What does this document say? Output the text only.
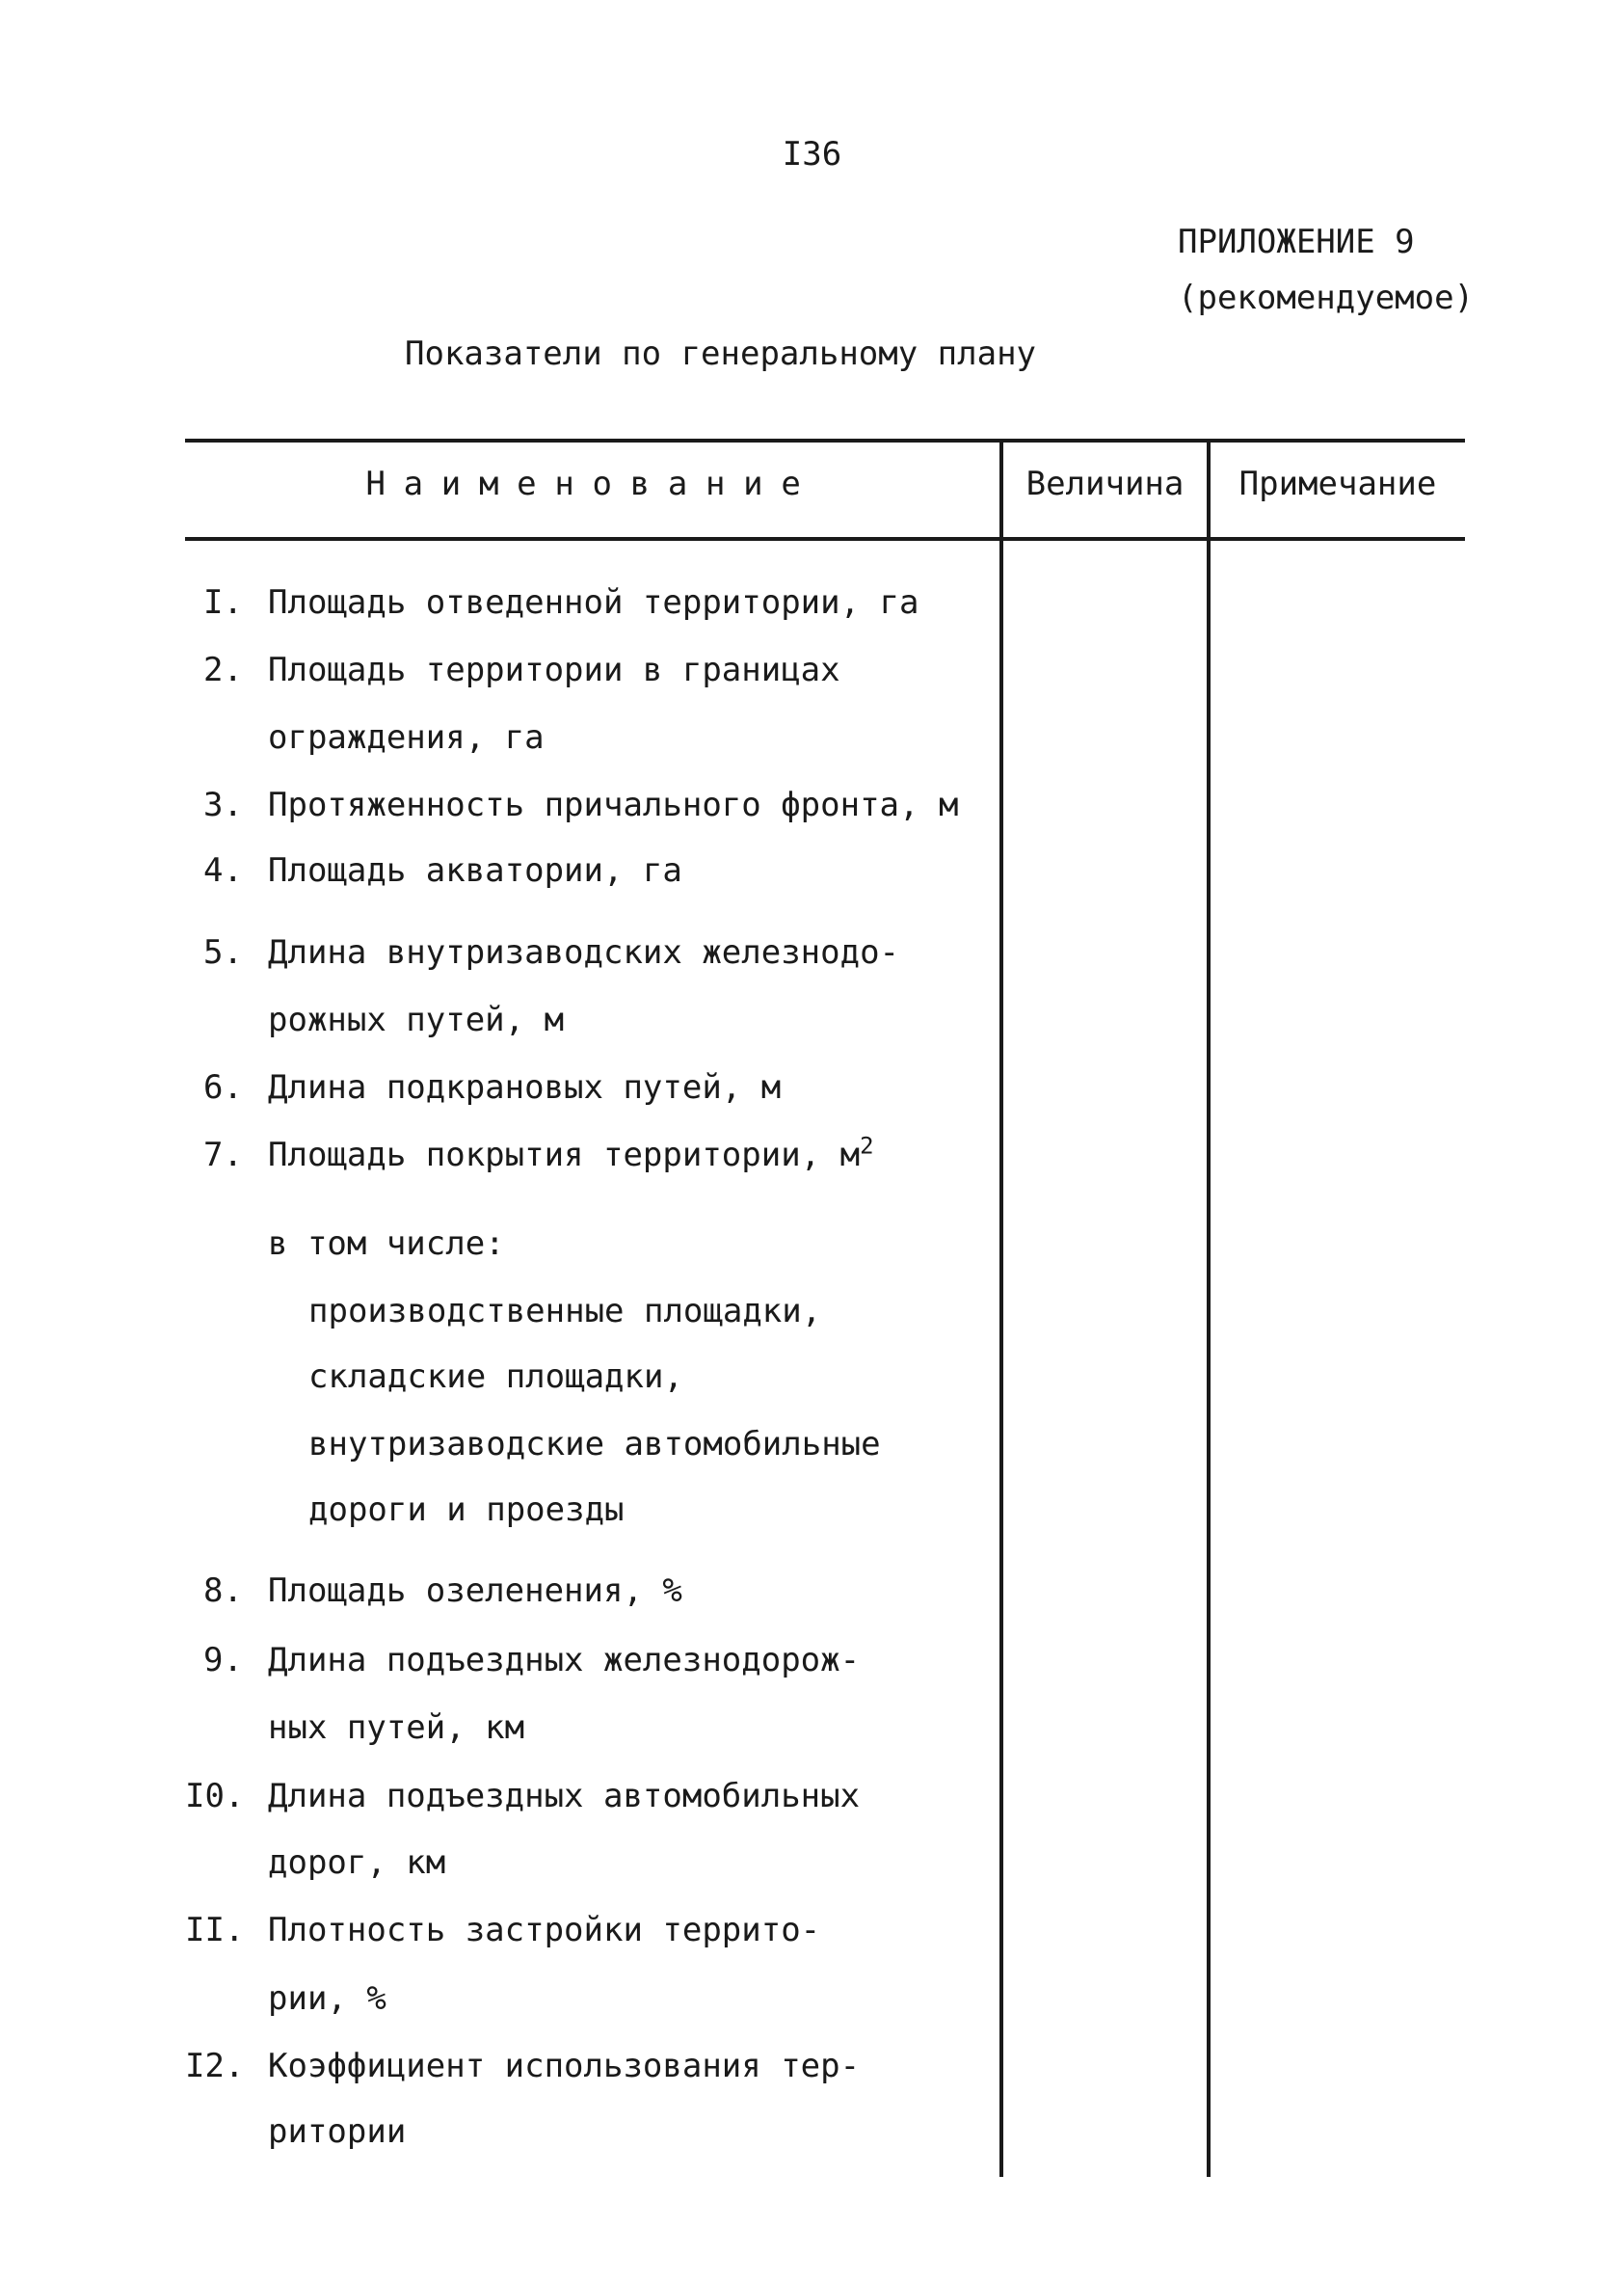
I36
ПРИЛОЖЕНИЕ 9
(рекомендуемое)
Показатели по генеральному плану
Наименование	Величина	Примечание
I. Площадь отведенной территории, га
2. Площадь территории в границах
ограждения, га
3. Протяженность причального фронта, м
4. Площадь акватории, га
5. Длина внутризаводских железнодо-
рожных путей, м
6. Длина подкрановых путей, м
7. Площадь покрытия территории, $м^2$
в том числе:
производственные площадки,
складские площадки,
внутризаводские автомобильные
дороги и проезды
8. Площадь озеленения, %
9. Длина подъездных железнодорож-
ных путей, км
I0. Длина подъездных автомобильных
дорог, км
II. Плотность застройки террито-
рии, %
I2. Коэффициент использования тер-
ритории
